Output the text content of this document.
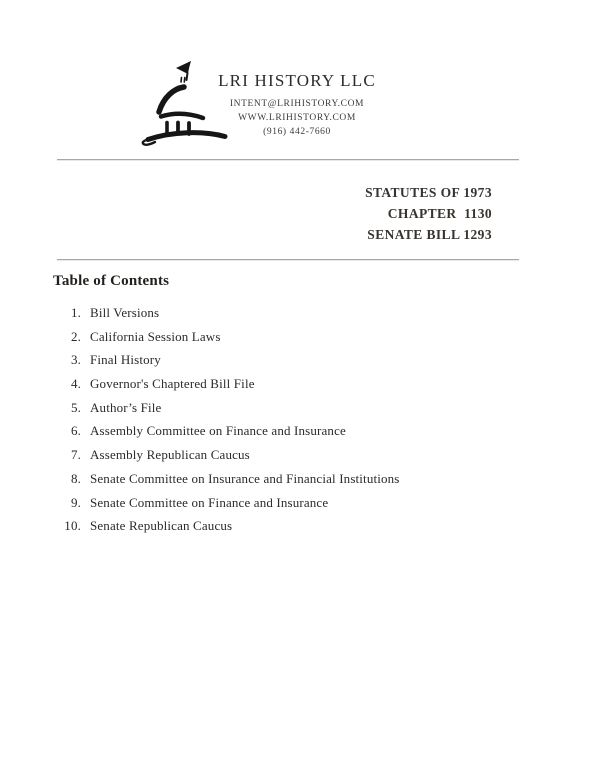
LRI HISTORY LLC
INTENT@LRIHISTORY.COM
WWW.LRIHISTORY.COM
(916) 442-7660
STATUTES OF 1973
CHAPTER  1130
SENATE BILL 1293
Table of Contents
1. Bill Versions
2. California Session Laws
3. Final History
4. Governor's Chaptered Bill File
5. Author’s File
6. Assembly Committee on Finance and Insurance
7. Assembly Republican Caucus
8. Senate Committee on Insurance and Financial Institutions
9. Senate Committee on Finance and Insurance
10. Senate Republican Caucus
